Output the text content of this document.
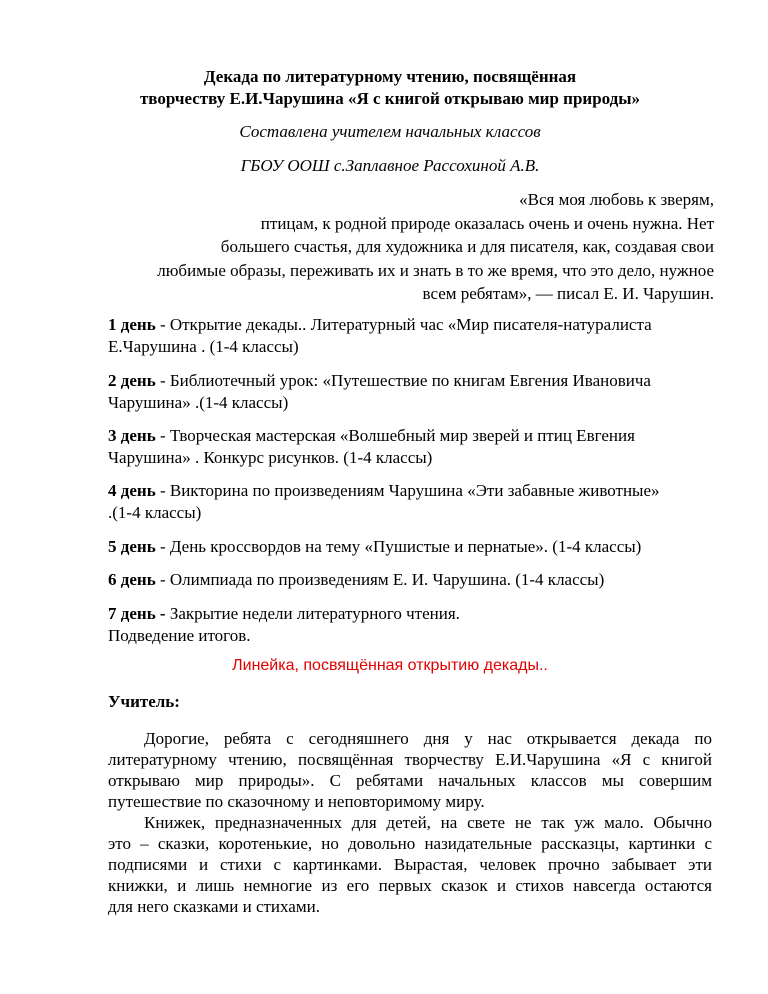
Декада по литературному чтению, посвящённая
творчеству Е.И.Чарушина «Я с книгой открываю мир природы»
Составлена учителем начальных классов
ГБОУ ООШ с.Заплавное Рассохиной А.В.
«Вся моя любовь к зверям,
птицам, к родной природе оказалась очень и очень нужна. Нет
большего счастья, для художника и для писателя, как, создавая свои
любимые образы, переживать их и знать в то же время, что это дело, нужное
всем ребятам», — писал Е. И. Чарушин.
1 день - Открытие декады.. Литературный час «Мир писателя-натуралиста
Е.Чарушина . (1-4 классы)
2 день - Библиотечный урок: «Путешествие по книгам Евгения Ивановича
Чарушина» .(1-4 классы)
3 день - Творческая мастерская «Волшебный мир зверей и птиц Евгения
Чарушина» . Конкурс рисунков. (1-4 классы)
4 день - Викторина по произведениям Чарушина «Эти забавные животные»
.(1-4 классы)
5 день - День кроссвордов на тему «Пушистые и пернатые». (1-4 классы)
6 день - Олимпиада по произведениям Е. И. Чарушина. (1-4 классы)
7 день - Закрытие недели литературного чтения.
Подведение итогов.
Линейка, посвящённая открытию декады..
Учитель:
Дорогие, ребята с сегодняшнего дня у нас открывается декада по
литературному чтению, посвящённая творчеству Е.И.Чарушина «Я с книгой
открываю мир природы». С ребятами начальных классов мы совершим
путешествие по сказочному и неповторимому миру.
Книжек, предназначенных для детей, на свете не так уж мало. Обычно
это – сказки, коротенькие, но довольно назидательные рассказцы, картинки с
подписями и стихи с картинками. Вырастая, человек прочно забывает эти
книжки, и лишь немногие из его первых сказок и стихов навсегда остаются
для него сказками и стихами.
